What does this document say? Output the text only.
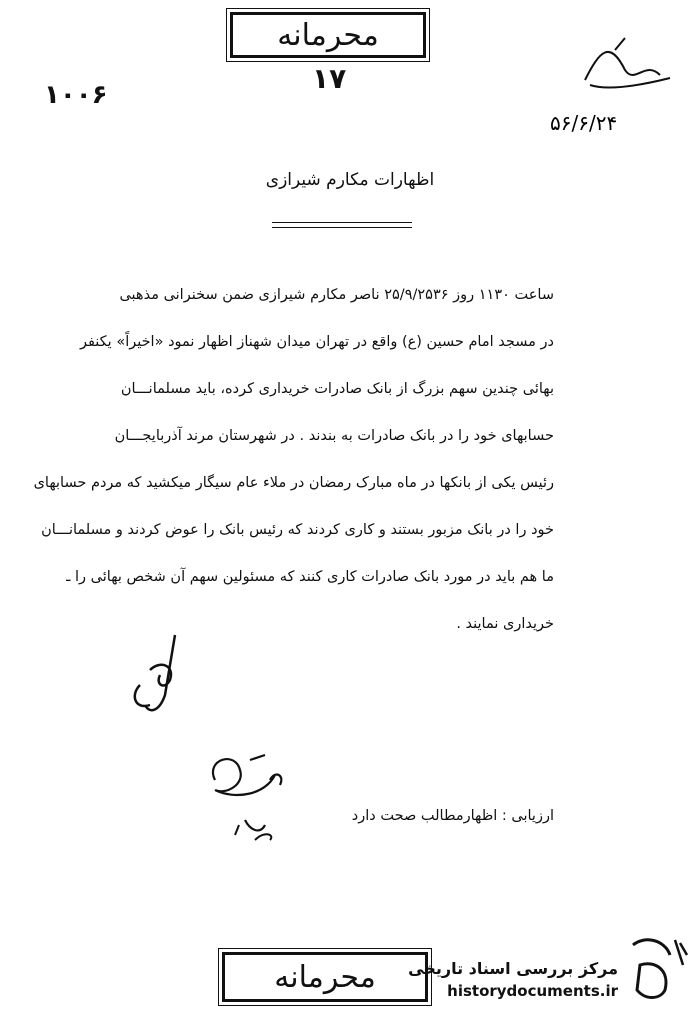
محرمانه
۱۷
۱۰۰۶
۵۶/۶/۲۴
اظهارات مکارم شیرازی
ساعت ۱۱۳۰ روز ۲۵/۹/۲۵۳۶ ناصر مکارم شیرازی ضمن سخنرانی مذهبی
در مسجد امام حسین (ع) واقع در تهران میدان شهناز اظهار نمود «اخیراً» یکنفر
بهائی چندین سهم بزرگ از بانک صادرات خریداری کرده، باید مسلمانـــان
حسابهای خود را در بانک صادرات به بندند . در شهرستان مرند آذربایجـــان
رئیس یکی از بانکها در ماه مبارک رمضان در ملاء عام سیگار میکشید که مردم حسابهای
خود را در بانک مزبور بستند و کاری کردند که رئیس بانک را عوض کردند و مسلمانـــان
ما هم باید در مورد بانک صادرات کاری کنند که مسئولین سهم آن شخص بهائی را ـ
خریداری نمایند .
ارزیابی : اظهارمطالب صحت دارد
محرمانه مرکز بررسی اسناد تاریخی
historydocuments.ir
